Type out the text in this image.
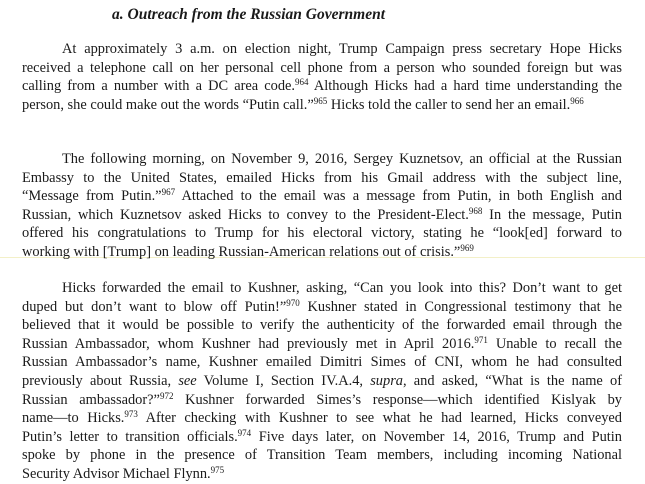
a. Outreach from the Russian Government

At approximately 3 a.m. on election night, Trump Campaign press secretary Hope Hicks
received a telephone call on her personal cell phone from a person who sounded foreign but was
calling from a number with a DC area code.$^{964}$ Although Hicks had a hard time understanding the
person, she could make out the words “Putin call.”$^{965}$ Hicks told the caller to send her an email.$^{966}$

The following morning, on November 9, 2016, Sergey Kuznetsov, an official at the Russian
Embassy to the United States, emailed Hicks from his Gmail address with the subject line,
“Message from Putin.”$^{967}$ Attached to the email was a message from Putin, in both English and
Russian, which Kuznetsov asked Hicks to convey to the President-Elect.$^{968}$ In the message, Putin
offered his congratulations to Trump for his electoral victory, stating he “look[ed] forward to
working with [Trump] on leading Russian-American relations out of crisis.”$^{969}$

Hicks forwarded the email to Kushner, asking, “Can you look into this? Don’t want to get
duped but don’t want to blow off Putin!”$^{970}$ Kushner stated in Congressional testimony that he
believed that it would be possible to verify the authenticity of the forwarded email through the
Russian Ambassador, whom Kushner had previously met in April 2016.$^{971}$ Unable to recall the
Russian Ambassador’s name, Kushner emailed Dimitri Simes of CNI, whom he had consulted
previously about Russia, see Volume I, Section IV.A.4, supra, and asked, “What is the name of
Russian ambassador?”$^{972}$ Kushner forwarded Simes’s response—which identified Kislyak by
name—to Hicks.$^{973}$ After checking with Kushner to see what he had learned, Hicks conveyed
Putin’s letter to transition officials.$^{974}$ Five days later, on November 14, 2016, Trump and Putin
spoke by phone in the presence of Transition Team members, including incoming National
Security Advisor Michael Flynn.$^{975}$
